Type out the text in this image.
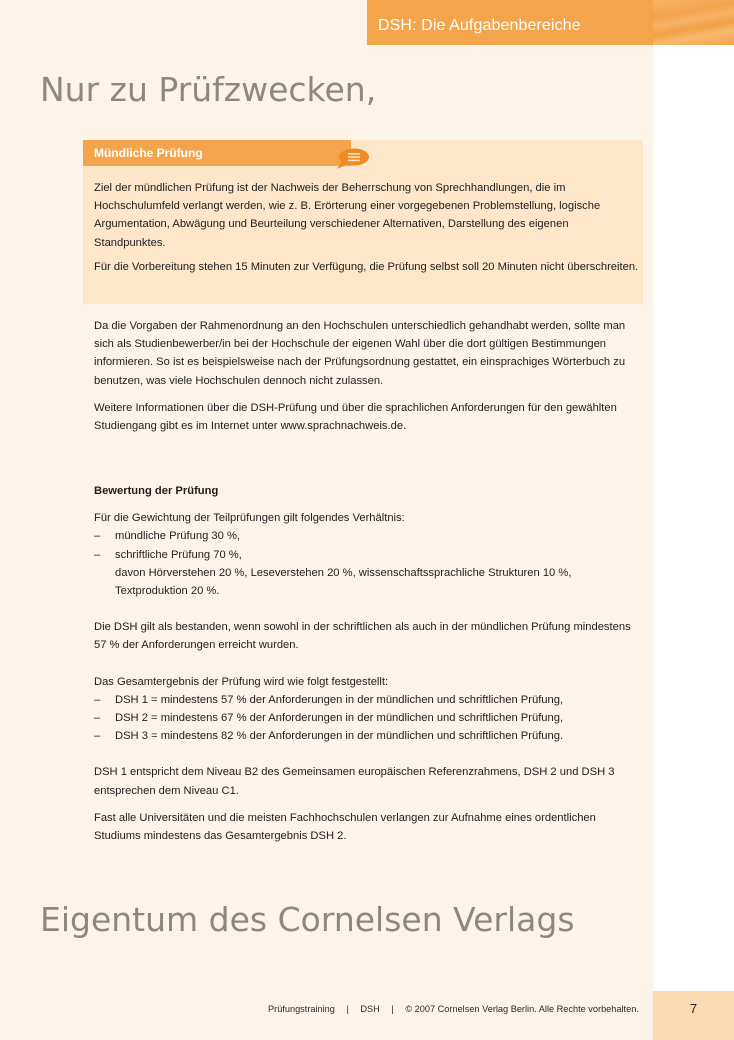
DSH: Die Aufgabenbereiche
Nur zu Prüfzwecken,
Mündliche Prüfung

Ziel der mündlichen Prüfung ist der Nachweis der Beherrschung von Sprechhandlungen, die im Hochschulumfeld verlangt werden, wie z. B. Erörterung einer vorgegebenen Problemstellung, logische Argumentation, Abwägung und Beurteilung verschiedener Alternativen, Darstellung des eigenen Standpunktes.

Für die Vorbereitung stehen 15 Minuten zur Verfügung, die Prüfung selbst soll 20 Minuten nicht überschreiten.

Da die Vorgaben der Rahmenordnung an den Hochschulen unterschiedlich gehandhabt werden, sollte man sich als Studienbewerber/in bei der Hochschule der eigenen Wahl über die dort gültigen Bestimmungen informieren. So ist es beispielsweise nach der Prüfungsordnung gestattet, ein einsprachiges Wörterbuch zu benutzen, was viele Hochschulen dennoch nicht zulassen.

Weitere Informationen über die DSH-Prüfung und über die sprachlichen Anforderungen für den gewählten Studiengang gibt es im Internet unter www.sprachnachweis.de.

Bewertung der Prüfung

Für die Gewichtung der Teilprüfungen gilt folgendes Verhältnis:

– mündliche Prüfung 30 %,
– schriftliche Prüfung 70 %,

davon Hörverstehen 20 %, Leseverstehen 20 %, wissenschaftssprachliche Strukturen 10 %,

Textproduktion 20 %.

Die DSH gilt als bestanden, wenn sowohl in der schriftlichen als auch in der mündlichen Prüfung mindestens 57 % der Anforderungen erreicht wurden.

Das Gesamtergebnis der Prüfung wird wie folgt festgestellt:

– DSH 1 = mindestens 57 % der Anforderungen in der mündlichen und schriftlichen Prüfung,
– DSH 2 = mindestens 67 % der Anforderungen in der mündlichen und schriftlichen Prüfung,
– DSH 3 = mindestens 82 % der Anforderungen in der mündlichen und schriftlichen Prüfung.

DSH 1 entspricht dem Niveau B2 des Gemeinsamen europäischen Referenzrahmens, DSH 2 und DSH 3 entsprechen dem Niveau C1.

Fast alle Universitäten und die meisten Fachhochschulen verlangen zur Aufnahme eines ordentlichen Studiums mindestens das Gesamtergebnis DSH 2.

Eigentum des Cornelsen Verlags
Prüfungstraining | DSH | © 2007 Cornelsen Verlag Berlin. Alle Rechte vorbehalten.	7
